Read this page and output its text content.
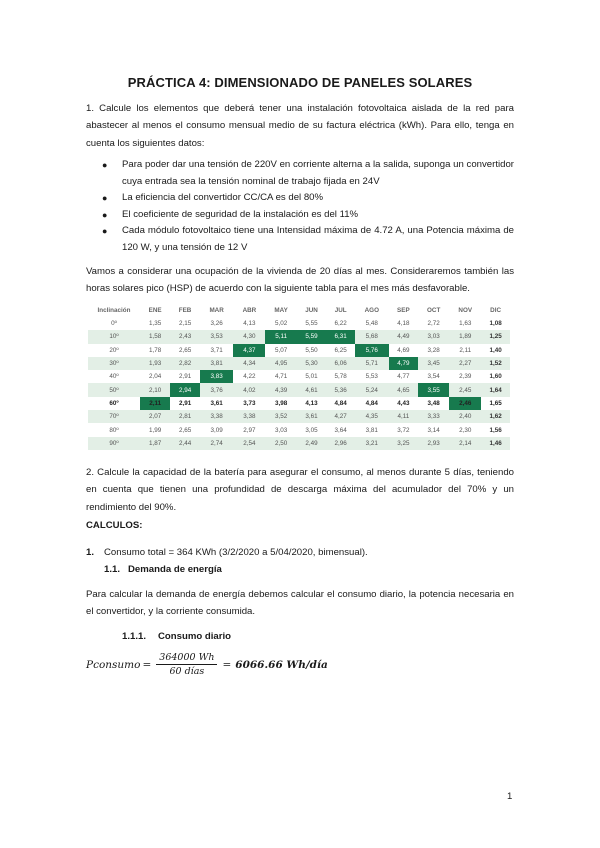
PRÁCTICA 4: DIMENSIONADO DE PANELES SOLARES
1. Calcule los elementos que deberá tener una instalación fotovoltaica aislada de la red para abastecer al menos el consumo mensual medio de su factura eléctrica (kWh). Para ello, tenga en cuenta los siguientes datos:
● Para poder dar una tensión de 220V en corriente alterna a la salida, suponga un convertidor cuya entrada sea la tensión nominal de trabajo fijada en 24V
● La eficiencia del convertidor CC/CA es del 80%
● El coeficiente de seguridad de la instalación es del 11%
● Cada módulo fotovoltaico tiene una Intensidad máxima de 4.72 A, una Potencia máxima de 120 W, y una tensión de 12 V
Vamos a considerar una ocupación de la vivienda de 20 días al mes. Consideraremos también las horas solares pico (HSP) de acuerdo con la siguiente tabla para el mes más desfavorable.
Inclinación	ENE	FEB	MAR	ABR	MAY	JUN	JUL	AGO	SEP	OCT	NOV	DIC
0º	1,35	2,15	3,26	4,13	5,02	5,55	6,22	5,48	4,18	2,72	1,63	1,08
10º	1,58	2,43	3,53	4,30	5,11	5,59	6,31	5,68	4,49	3,03	1,89	1,25
20º	1,78	2,65	3,71	4,37	5,07	5,50	6,25	5,76	4,69	3,28	2,11	1,40
30º	1,93	2,82	3,81	4,34	4,95	5,30	6,06	5,71	4,79	3,45	2,27	1,52
40º	2,04	2,91	3,83	4,22	4,71	5,01	5,78	5,53	4,77	3,54	2,39	1,60
50º	2,10	2,94	3,76	4,02	4,39	4,61	5,36	5,24	4,65	3,55	2,45	1,64
60º	2,11	2,91	3,61	3,73	3,98	4,13	4,84	4,84	4,43	3,48	2,46	1,65
70º	2,07	2,81	3,38	3,38	3,52	3,61	4,27	4,35	4,11	3,33	2,40	1,62
80º	1,99	2,65	3,09	2,97	3,03	3,05	3,64	3,81	3,72	3,14	2,30	1,56
90º	1,87	2,44	2,74	2,54	2,50	2,49	2,96	3,21	3,25	2,93	2,14	1,46
2. Calcule la capacidad de la batería para asegurar el consumo, al menos durante 5 días, teniendo en cuenta que tienen una profundidad de descarga máxima del acumulador del 70% y un rendimiento del 90%.
CALCULOS:
1. Consumo total = 364 KWh (3/2/2020 a 5/04/2020, bimensual).
1.1. Demanda de energía
Para calcular la demanda de energía debemos calcular el consumo diario, la potencia necesaria en el convertidor, y la corriente consumida.
1.1.1. Consumo diario
Pconsumo = $\frac{364000 Wh}{\text{60 días}} = 6066.66$ Wh/día
1
